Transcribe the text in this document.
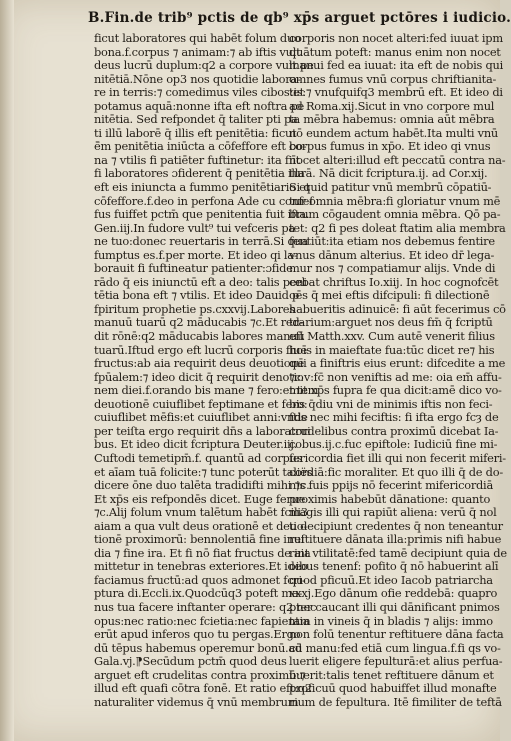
B.Fin.de trib⁹ pctis de qb⁹ xp̄s arguet pctōres i iudicio.
ficut laboratores qui habēt folum duo
bona.f.corpus ⁊ animam:⁊ ab iftis vult
deus lucrū duplum:q2 a corpore vult pe
nitētiā.Nōne op3 nos quotidie labora-
re in terris:⁊ comedimus viles cibos:et
potamus aquā:nonne ifta eft noftra pe
nitētia. Sed refpondet q̄ taliter pti pa
ti illū laborē q̄ illis eft penitētia: ficut
ē̄m penitētia iniūcta a cōfeffore eft bo-
na ⁊ vtilis fi patiēter fuftinetur: ita fiīt
fi laboratores ɔfiderent q̄ penitētia illa
eft eis iniuncta a fummo penitētiario et
cōfeffore.f.deo in perfona Ade cu confef
fus fuiffet pctm̄ que penitentia fuit ifta.
Gen.iij.In fudore vult⁹ tui vefceris pa
ne tuo:donec reuertaris in terrā.Si qua
fumptus es.f.per morte. Et ideo qi la-
borauit fi fuftineatur patienter:ɔfide
rādo q̄ eis iniunctū eft a deo: talis peni
tētia bona eft ⁊ vtilis. Et ideo Dauid p
fpiritum prophetie ps.cxxvij.Labores
manuū tuarū q2 māducabis ⁊c.Et red-
dit rōnē:q2 māducabis labores manuū
tuarū.Iftud ergo eft lucrū corporis fiue
fructus:ab aia requirit deus deuotionē
fpūalem:⁊ ideo dicit q̄ requirit denotio
nem diei.f.orando bis mane ⁊ fero:et tem
deuotionē cuiuflibet feptimane et fero:
cuiuflibet mēfis:et cuiuflibet anni:vnde
per teiſta ergo requirit dn̄s a laboratori
bus. Et ideo dicit fcriptura Deuter.iij.
Cuftodi temetipm̄.f. quantū ad corpus
et aīam tuā folicite:⁊ tunc poterūt taliës
dicere ōne duo talēta tradidifti mihi ⁊c.
Et xp̄s eis refpondēs dicet. Euge ferue
⁊c.Alij folum vnum talētum habēt fcili3
aiam a qua vult deus orationē et deuo-
tionē proximorū: bennolentiā fine inui
dia ⁊ fine ira. Et fi nō fiat fructus de aia
mittetur in tenebras exteriores.Et ideo
faciamus fructū:ad quos admonet fcri-
ptura di.Eccli.ix.Quodcūq3 poteft ma-
nus tua facere inftanter operare: q2 nec
opus:nec ratio:nec fcietia:nec fapientia
erūt apud inferos quo tu pergas.Ergo
dū tēpus habemus operemur bonū.ad
Gala.vj.⁋Secūdum pctm̄ quod deus
arguet eft crudelitas contra proximū:⁊
illud eft quafi cōtra fonē. Et ratio eft:q2
naturaliter videmus q̄ vnū membrum
corporis non nocet alteri:fed iuuat ipm
quātum poteft: manus enim non nocet
manui fed ea iuuat: ita eft de nobis qui
omnes fumus vnū corpus chriftianita-
tis:⁊ vnufquifq3 membrū eft. Et ideo di
ad Roma.xij.Sicut in vno corpore mul
ta mēbra habemus: omnia aūt mēbra
nō eundem actum habēt.Ita multi vnū
corpus fumus in xp̄o. Et ideo qi vnus
nocet alteri:illud eft peccatū contra na-
turā. Nā dicit fcriptura.ij. ad Cor.xij.
Si quid patitur vnū membrū cōpatiū-
tur omnia mēbra:fi gloriatur vnum mē
brum cōgaudent omnia mēbra. Qō pa-
tet: q2 fi pes doleat ftatim alia membra
fentiūt:ita etiam nos debemus fentire
vnus dānum alterius. Et ideo dr̄ lega-
mur nos ⁊ compatiamur alijs. Vnde di
cebat chriftus Io.xiij. In hoc cognofcēt
oēs q̄ mei eftis difcipuli: fi dilectionē
habueritis adinuicē: fi aūt fecerimus cō
trarium:arguet nos deus fm̄ q̄ fcriptū
eft Matth.xxv. Cum autē venerit filius
hoīs in maieftate fua:tūc dicet re⁊ his
qui a finiftris eius erunt: difcedite a me
⁊c.v:fc̄ non veniftis ad me: oia em̄ affu-
mit xp̄s fupra fe qua dicit:amē dico vo-
bis q̄diu vni de minimis iftis non feci-
ftis nec mihi feciftis: fi ifta ergo fcȝ de
crudelibus contra proximū dicebat Ia-
cobus.ij.c.fuc epiftole: Iudiciū fine mi-
fericordia fiet illi qui non fecerit miferi-
cordiā:fic moraliter. Et quo illi q̄ de do-
nis fuis ppijs nō fecerint mifericordiā
proximis habebūt dānatione: quanto
magis illi qui rapiūt aliena: verū q̄ nol
ti decipiunt credentes q̄ non teneantur
reftituere dānata illa:primis nifi habue
rint vtilitatē:fed tamē decipiunt quia de
oibus tenenf: pofito q̄ nō habuerint alī
quod pficuū.Et ideo Iacob patriarcha
xxxj.Ego dānum ofie reddebā: quapro
pter caucant illi qui dānificant pnimos
tam in vineis q̄ in bladis ⁊ alijs: immo
non folū tenentur reftituere dāna facta
cū manu:fed etiā cum lingua.f.fi qs vo-
luerit eligere fepulturā:et alius perfua-
buerit:talis tenet reftituere dānum et
proficuū quod habuiffet illud monafte
rium de fepultura. Itē fimiliter de teftā
